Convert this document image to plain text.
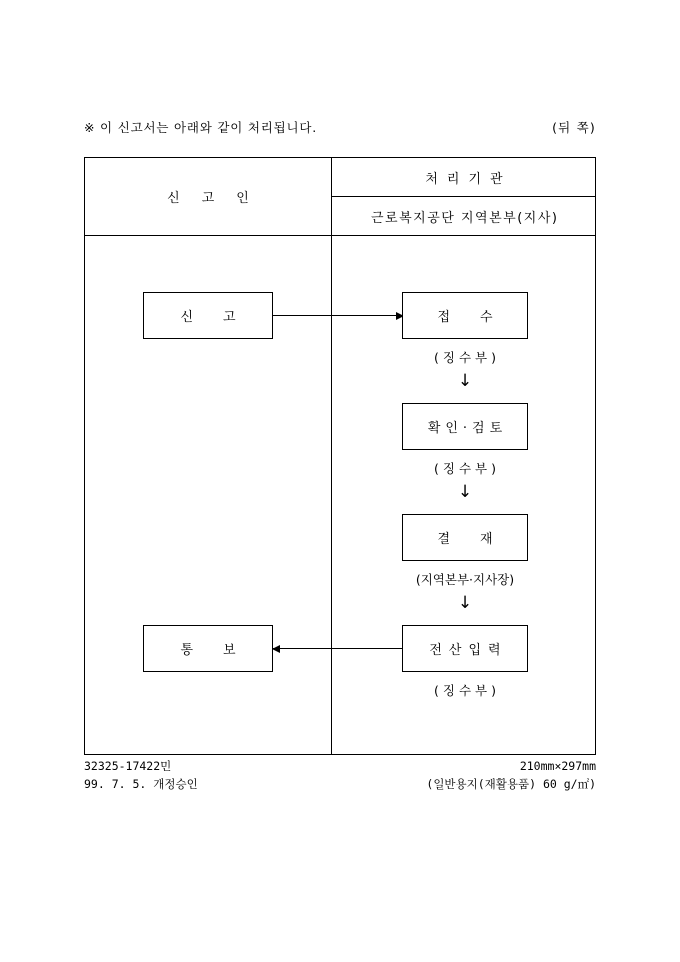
※ 이 신고서는 아래와 같이 처리됩니다.	(뒤 쪽)
신고인
처리기관
근로복지공단 지역본부(지사)
신고	접수
(징수부)
↓
확인·검토
(징수부)
↓
결재
(지역본부·지사장)
↓
전산입력
(징수부)
통보
32325-17422민	210mm×297mm
99. 7. 5. 개정승인	(일반용지(재활용품) 60 g/㎡)
